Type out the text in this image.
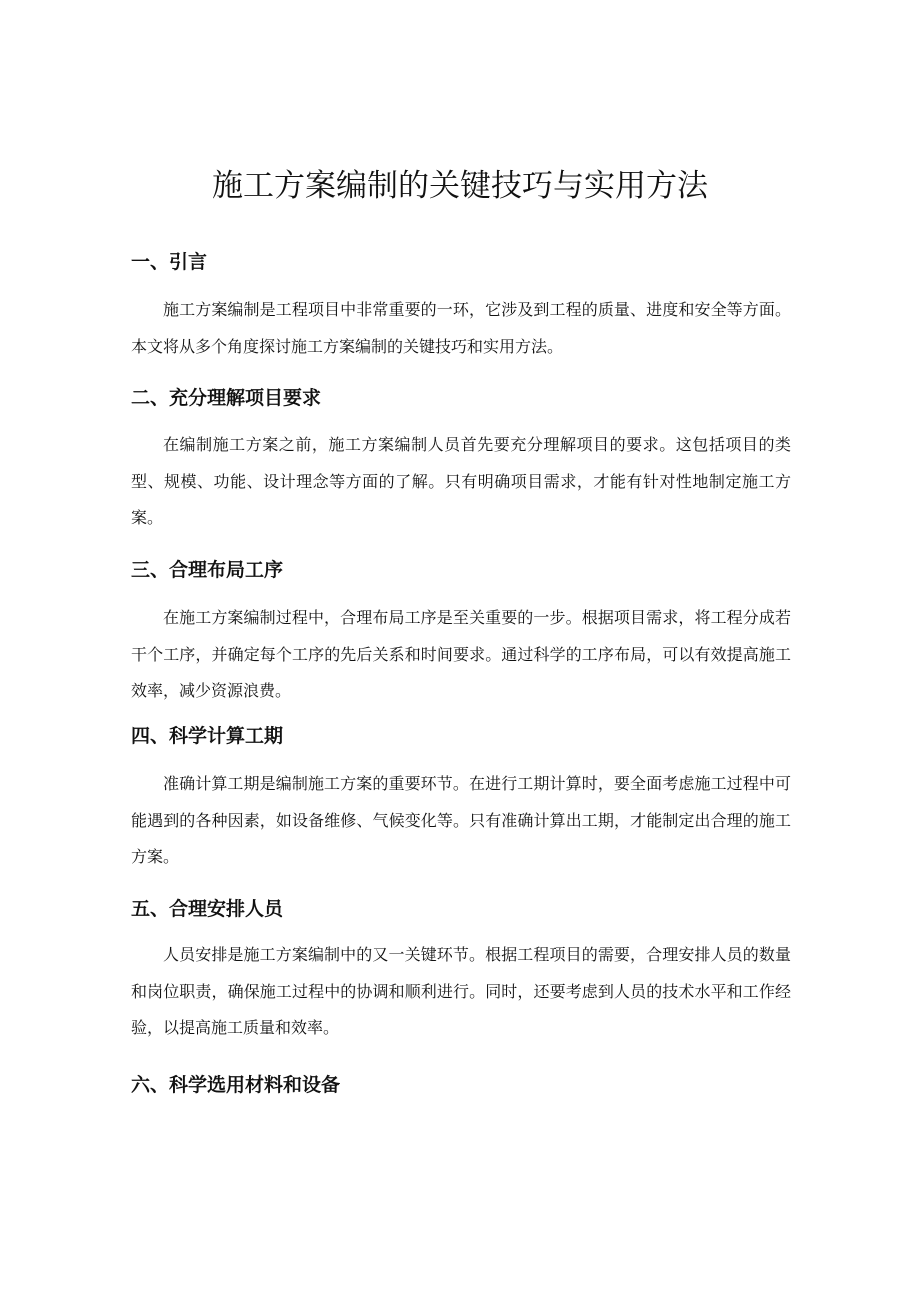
施工方案编制的关键技巧与实用方法
一、引言

施工方案编制是工程项目中非常重要的一环，它涉及到工程的质量、进度和安全等方面。本文将从多个角度探讨施工方案编制的关键技巧和实用方法。

二、充分理解项目要求

在编制施工方案之前，施工方案编制人员首先要充分理解项目的要求。这包括项目的类型、规模、功能、设计理念等方面的了解。只有明确项目需求，才能有针对性地制定施工方案。

三、合理布局工序

在施工方案编制过程中，合理布局工序是至关重要的一步。根据项目需求，将工程分成若干个工序，并确定每个工序的先后关系和时间要求。通过科学的工序布局，可以有效提高施工效率，减少资源浪费。

四、科学计算工期

准确计算工期是编制施工方案的重要环节。在进行工期计算时，要全面考虑施工过程中可能遇到的各种因素，如设备维修、气候变化等。只有准确计算出工期，才能制定出合理的施工方案。

五、合理安排人员

人员安排是施工方案编制中的又一关键环节。根据工程项目的需要，合理安排人员的数量和岗位职责，确保施工过程中的协调和顺利进行。同时，还要考虑到人员的技术水平和工作经验，以提高施工质量和效率。

六、科学选用材料和设备
